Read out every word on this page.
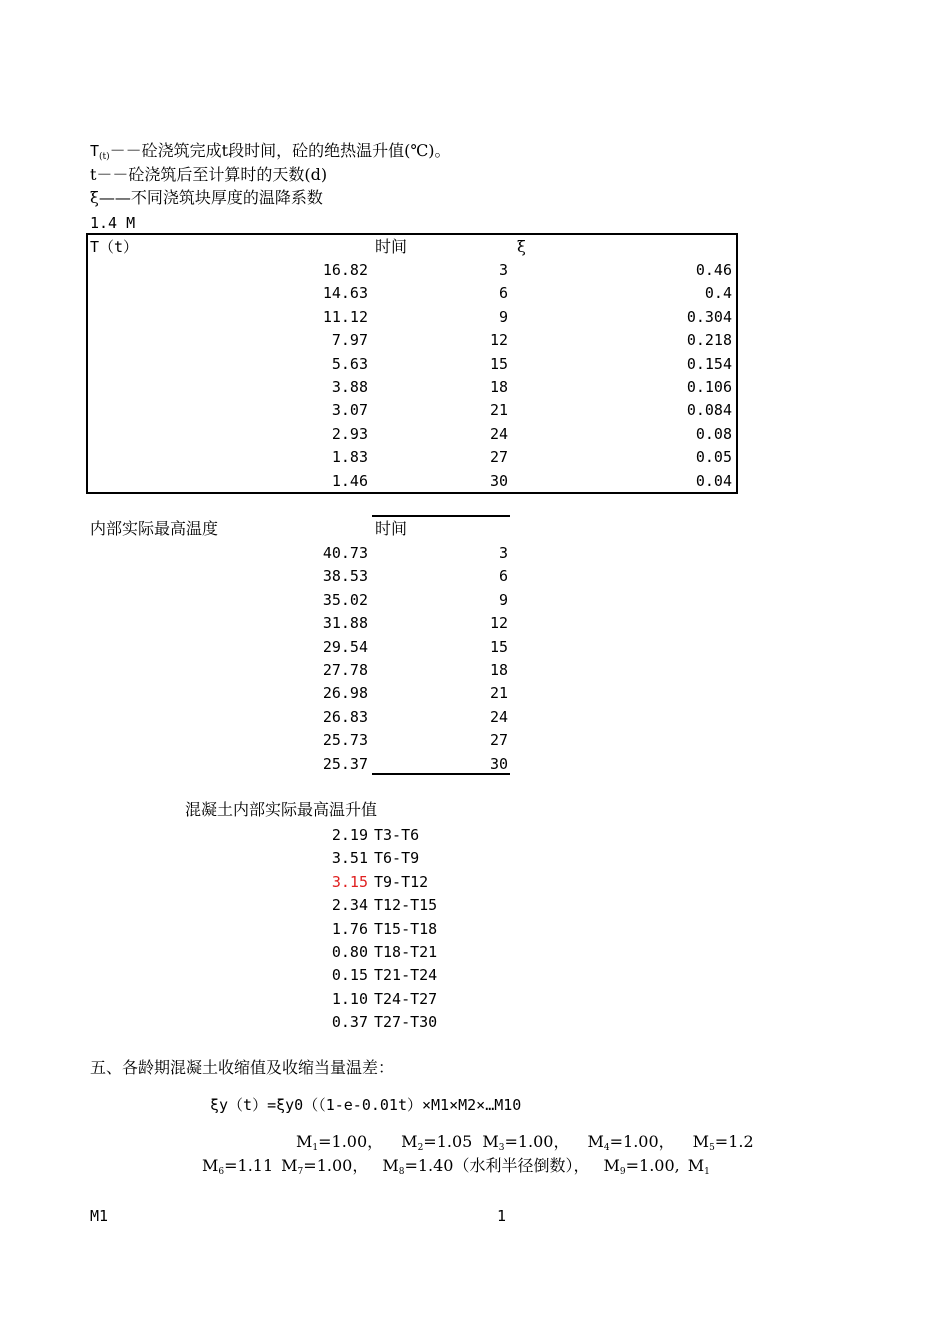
$T_{(t)}--$砼浇筑完成t段时间，砼的绝热温升值(℃)。
t－－砼浇筑后至计算时的天数(d)
ξ——不同浇筑块厚度的温降系数
1.4 M
T（t）	时间	ξ
16.82	3	0.46
14.63	6	0.4
11.12	9	0.304
7.97	12	0.218
5.63	15	0.154
3.88	18	0.106
3.07	21	0.084
2.93	24	0.08
1.83	27	0.05
1.46	30	0.04
内部实际最高温度	时间
40.73	3
38.53	6
35.02	9
31.88	12
29.54	15
27.78	18
26.98	21
26.83	24
25.73	27
25.37	30
混凝土内部实际最高温升值
2.19 T3-T6
3.51 T6-T9
3.15 T9-T12
2.34 T12-T15
1.76 T15-T18
0.80 T18-T21
0.15 T21-T24
1.10 T24-T27
0.37 T27-T30
五、各龄期混凝土收缩值及收缩当量温差：
ξy（t）=ξy0（（1-e-0.01t）×M1×M2×…M10
$M_1=1.00$， $M_2=1.05$ $M_3=1.00$， $M_4=1.00$， $M_5=1.2$
$M_6=1.11$ $M_7=1.00$， $M_8=1.40$（水利半径倒数）， $M_9=1.00$, $M_1$
M1	1
